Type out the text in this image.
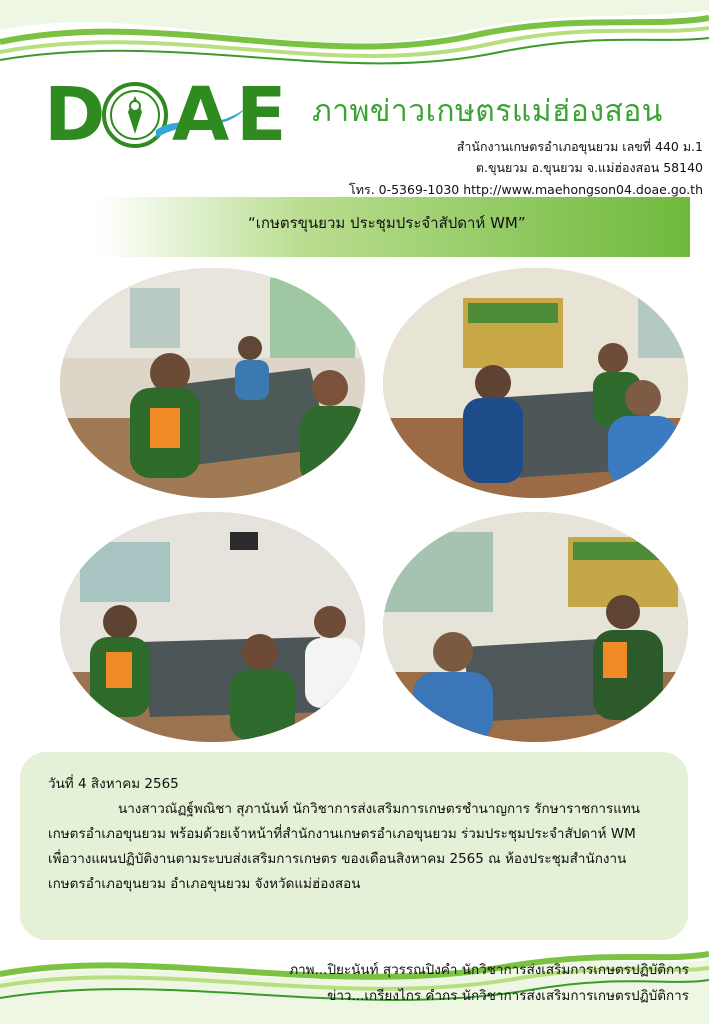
D A E ภาพข่าวเกษตรแม่ฮ่องสอน
สำนักงานเกษตรอำเภอขุนยวม เลขที่ 440 ม.1
ต.ขุนยวม อ.ขุนยวม จ.แม่ฮ่องสอน 58140
โทร. 0-5369-1030 http://www.maehongson04.doae.go.th
“เกษตรขุนยวม ประชุมประจำสัปดาห์ WM”
วันที่ 4 สิงหาคม 2565
นางสาวณัฏฐ์พณิชา สุภานันท์ นักวิชาการส่งเสริมการเกษตรชำนาญการ รักษาราชการแทน
เกษตรอำเภอขุนยวม พร้อมด้วยเจ้าหน้าที่สำนักงานเกษตรอำเภอขุนยวม ร่วมประชุมประจำสัปดาห์ WM
เพื่อวางแผนปฏิบัติงานตามระบบส่งเสริมการเกษตร ของเดือนสิงหาคม 2565 ณ ห้องประชุมสำนักงาน
เกษตรอำเภอขุนยวม อำเภอขุนยวม จังหวัดแม่ฮ่องสอน
ภาพ...ปิยะนันท์ สุวรรณปิงคำ นักวิชาการส่งเสริมการเกษตรปฏิบัติการ
ข่าว...เกรียงไกร คำกร นักวิชาการส่งเสริมการเกษตรปฏิบัติการ
